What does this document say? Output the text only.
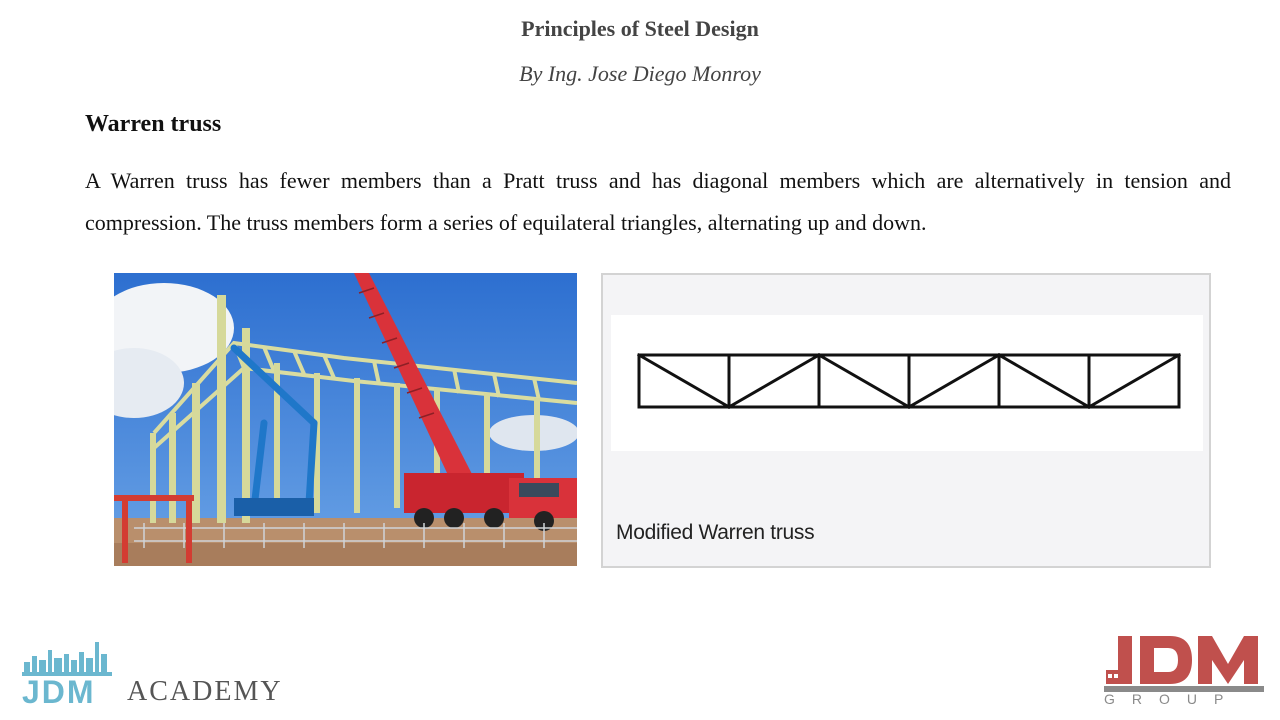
Principles of Steel Design
By Ing. Jose Diego Monroy
Warren truss
A Warren truss has fewer members than a Pratt truss and has diagonal members which are alternatively in tension and compression. The truss members form a series of equilateral triangles, alternating up and down.
Modified Warren truss
JDM ACADEMY	GROUP
